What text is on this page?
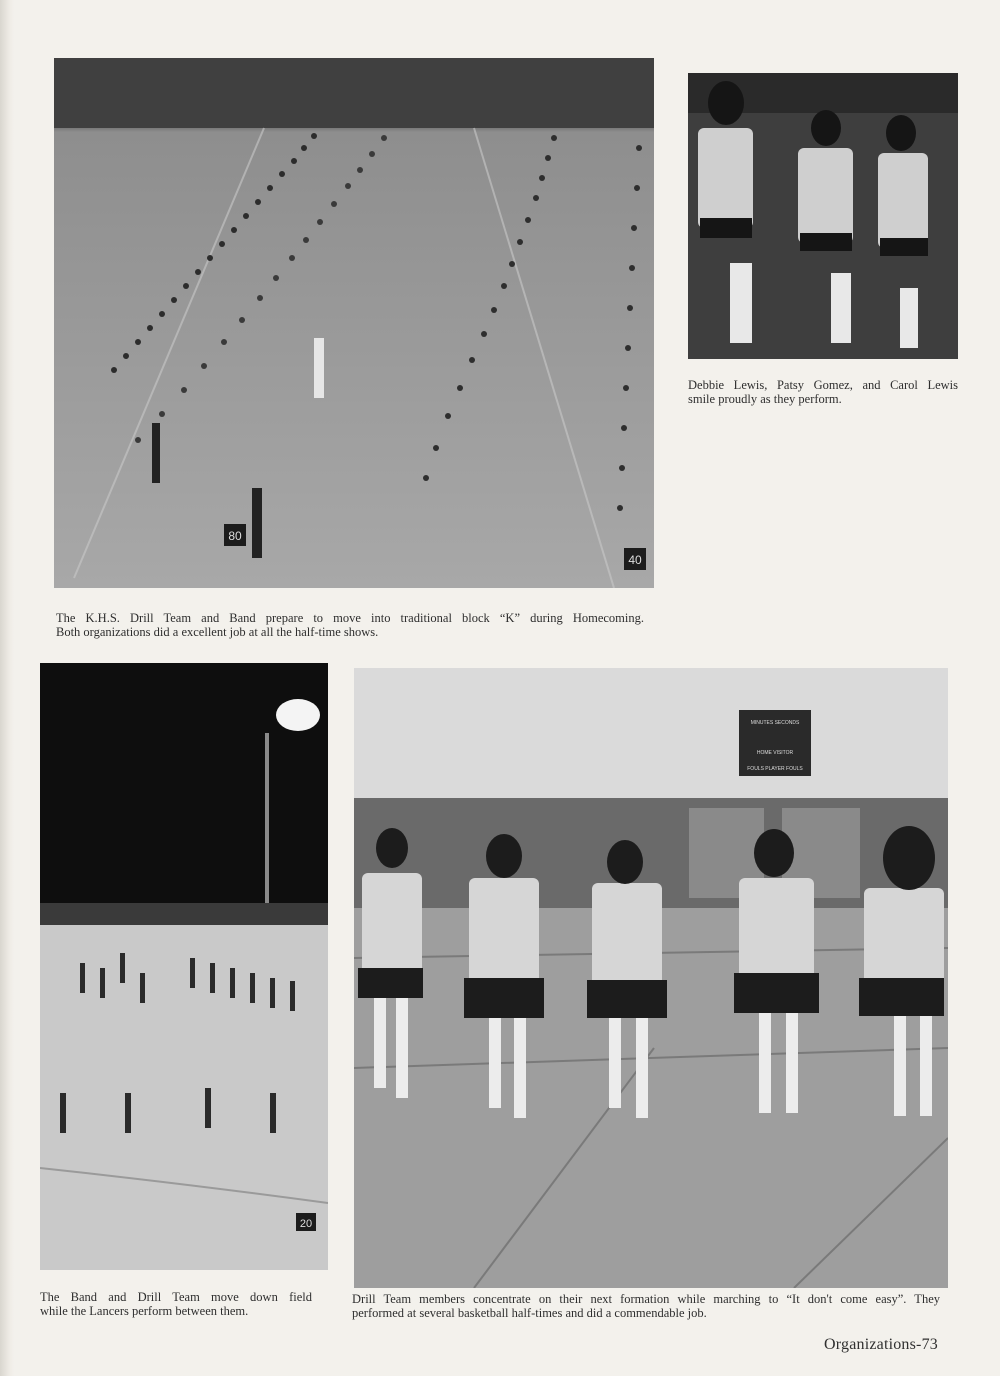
80
40
20
MINUTES SECONDS
HOME VISITOR
FOULS PLAYER FOULS

Debbie Lewis, Patsy Gomez, and Carol Lewis
smile proudly as they perform.

The K.H.S. Drill Team and Band prepare to move into traditional block “K” during Homecoming.
Both organizations did a excellent job at all the half-time shows.

The Band and Drill Team move down field
while the Lancers perform between them.

Drill Team members concentrate on their next formation while marching to “It don't come easy”. They
performed at several basketball half-times and did a commendable job.

Organizations-73
